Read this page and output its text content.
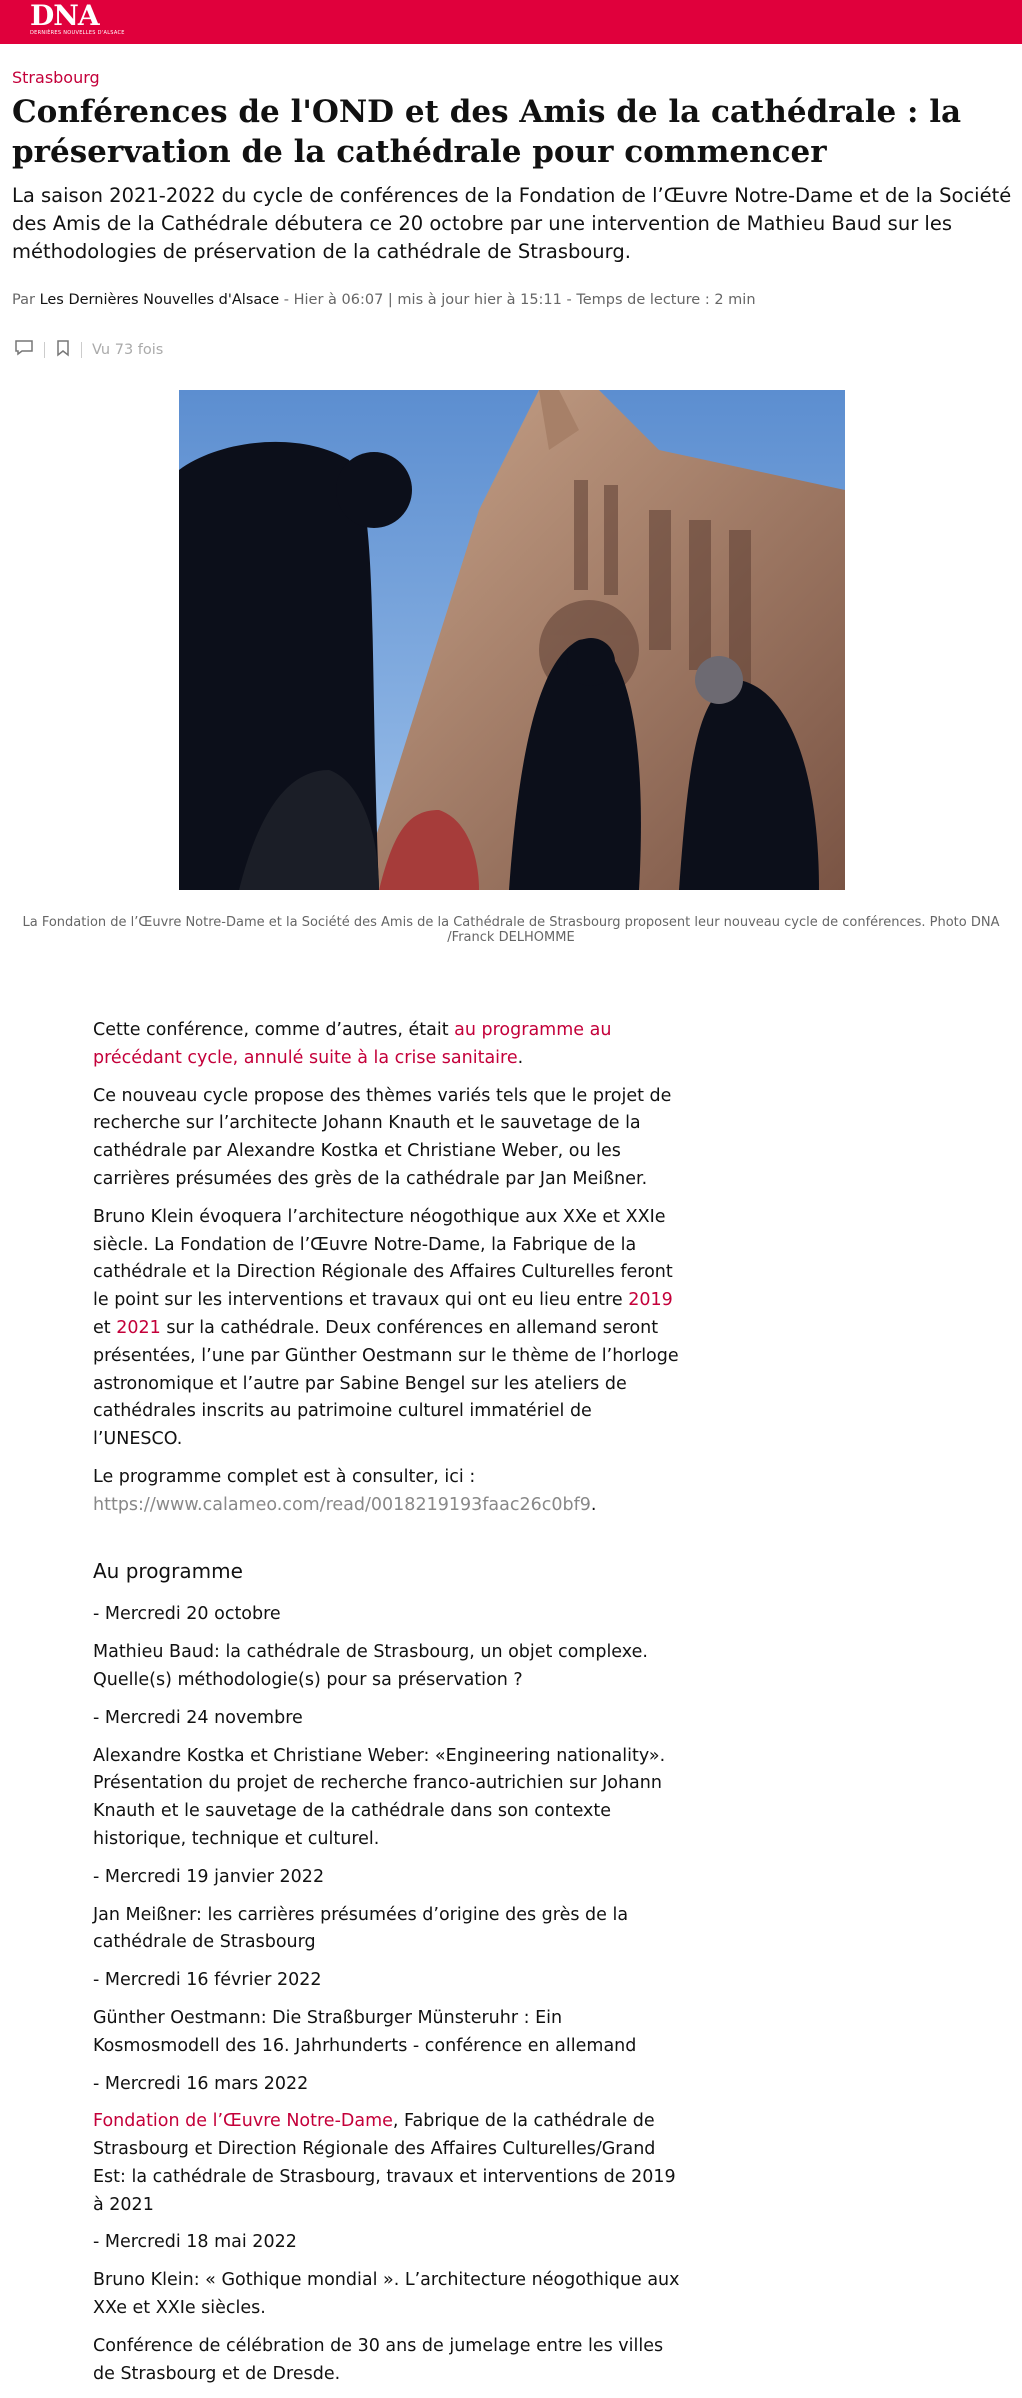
DNA
DERNIÈRES NOUVELLES D'ALSACE
Strasbourg
Conférences de l'OND et des Amis de la cathédrale : la préservation de la cathédrale pour commencer
La saison 2021-2022 du cycle de conférences de la Fondation de l’Œuvre Notre-Dame et de la Société des Amis de la Cathédrale débutera ce 20 octobre par une intervention de Mathieu Baud sur les méthodologies de préservation de la cathédrale de Strasbourg.
Par Les Dernières Nouvelles d'Alsace - Hier à 06:07 | mis à jour hier à 15:11 - Temps de lecture : 2 min
Vu 73 fois
La Fondation de l’Œuvre Notre-Dame et la Société des Amis de la Cathédrale de Strasbourg proposent leur nouveau cycle de conférences. Photo DNA /Franck DELHOMME

Cette conférence, comme d’autres, était au programme au précédant cycle, annulé suite à la crise sanitaire.

Ce nouveau cycle propose des thèmes variés tels que le projet de recherche sur l’architecte Johann Knauth et le sauvetage de la cathédrale par Alexandre Kostka et Christiane Weber, ou les carrières présumées des grès de la cathédrale par Jan Meißner.

Bruno Klein évoquera l’architecture néogothique aux XXe et XXIe siècle. La Fondation de l’Œuvre Notre-Dame, la Fabrique de la cathédrale et la Direction Régionale des Affaires Culturelles feront le point sur les interventions et travaux qui ont eu lieu entre 2019 et 2021 sur la cathédrale. Deux conférences en allemand seront présentées, l’une par Günther Oestmann sur le thème de l’horloge astronomique et l’autre par Sabine Bengel sur les ateliers de cathédrales inscrits au patrimoine culturel immatériel de l’UNESCO.

Le programme complet est à consulter, ici : https://www.calameo.com/read/0018219193faac26c0bf9.

Au programme

- Mercredi 20 octobre

Mathieu Baud: la cathédrale de Strasbourg, un objet complexe. Quelle(s) méthodologie(s) pour sa préservation ?

- Mercredi 24 novembre

Alexandre Kostka et Christiane Weber: «Engineering nationality». Présentation du projet de recherche franco-autrichien sur Johann Knauth et le sauvetage de la cathédrale dans son contexte historique, technique et culturel.

- Mercredi 19 janvier 2022

Jan Meißner: les carrières présumées d’origine des grès de la cathédrale de Strasbourg

- Mercredi 16 février 2022

Günther Oestmann: Die Straßburger Münsteruhr : Ein Kosmosmodell des 16. Jahrhunderts - conférence en allemand

- Mercredi 16 mars 2022

Fondation de l’Œuvre Notre-Dame, Fabrique de la cathédrale de Strasbourg et Direction Régionale des Affaires Culturelles/Grand Est: la cathédrale de Strasbourg, travaux et interventions de 2019 à 2021

- Mercredi 18 mai 2022

Bruno Klein: « Gothique mondial ». L’architecture néogothique aux XXe et XXIe siècles.

Conférence de célébration de 30 ans de jumelage entre les villes de Strasbourg et de Dresde.
